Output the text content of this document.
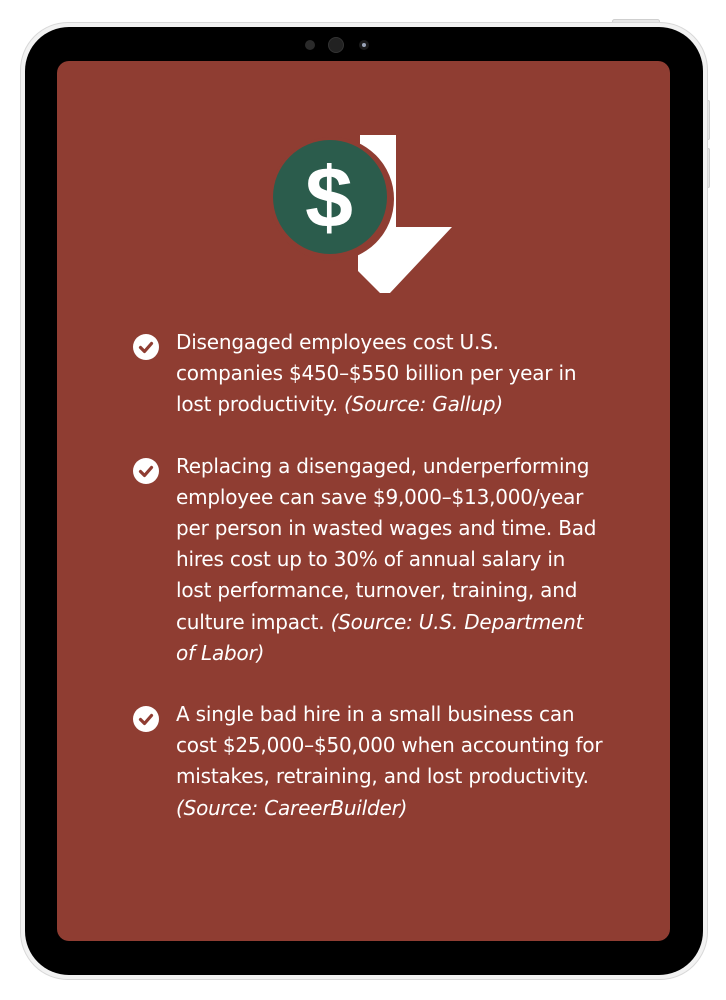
$
Disengaged employees cost U.S. companies $450–$550 billion per year in lost productivity. (Source: Gallup)
Replacing a disengaged, underperforming employee can save $9,000–$13,000/year per person in wasted wages and time. Bad hires cost up to 30% of annual salary in lost performance, turnover, training, and culture impact. (Source: U.S. Department of Labor)
A single bad hire in a small business can cost $25,000–$50,000 when accounting for mistakes, retraining, and lost productivity. (Source: CareerBuilder)
